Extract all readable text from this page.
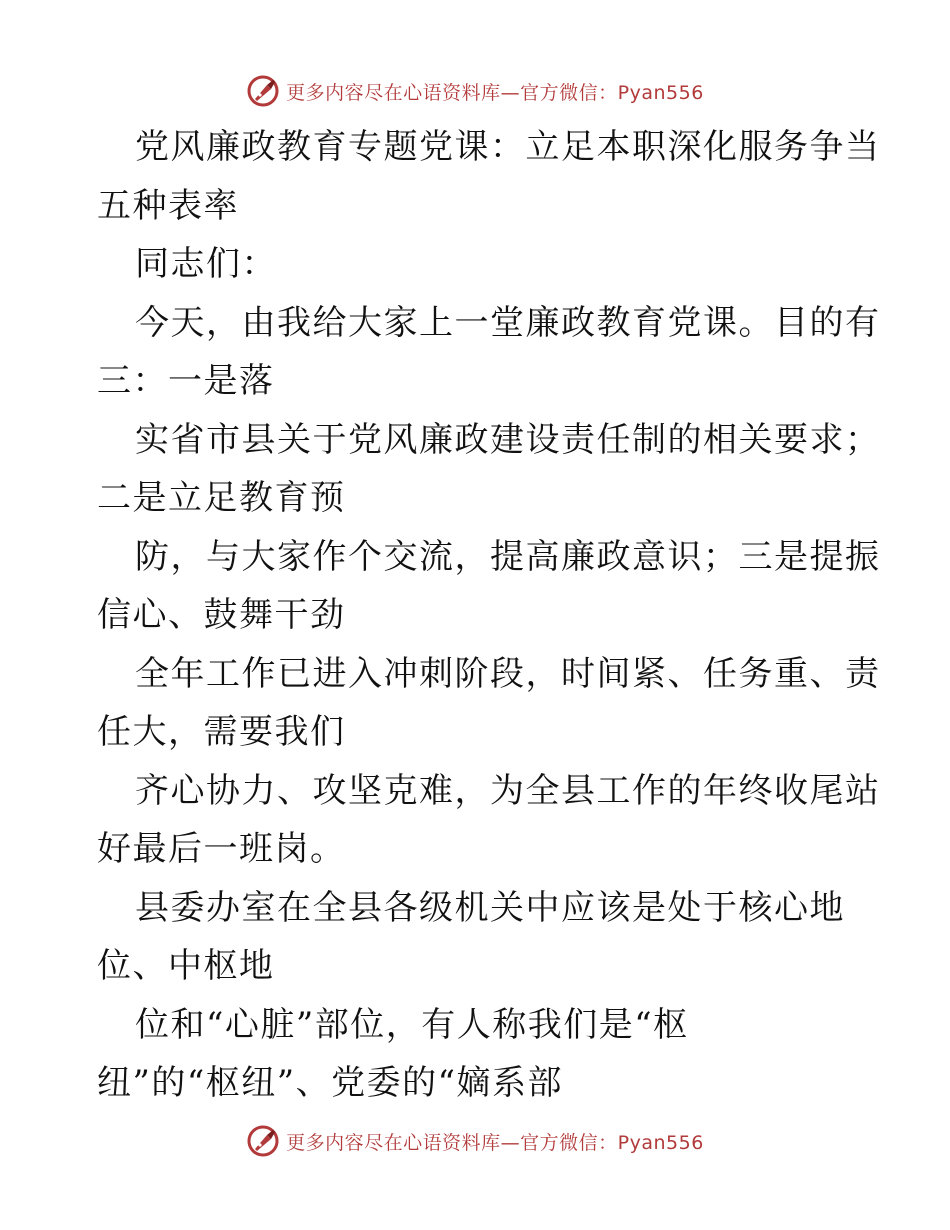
更多内容尽在心语资料库—官方微信：Pyan556
党风廉政教育专题党课：立足本职深化服务争当
五种表率
同志们：
今天，由我给大家上一堂廉政教育党课。目的有
三：一是落
实省市县关于党风廉政建设责任制的相关要求；
二是立足教育预
防，与大家作个交流，提高廉政意识；三是提振
信心、鼓舞干劲
全年工作已进入冲刺阶段，时间紧、任务重、责
任大，需要我们
齐心协力、攻坚克难，为全县工作的年终收尾站
好最后一班岗。
县委办室在全县各级机关中应该是处于核心地
位、中枢地
位和“心脏”部位，有人称我们是“枢
纽”的“枢纽”、党委的“嫡系部
更多内容尽在心语资料库—官方微信：Pyan556
